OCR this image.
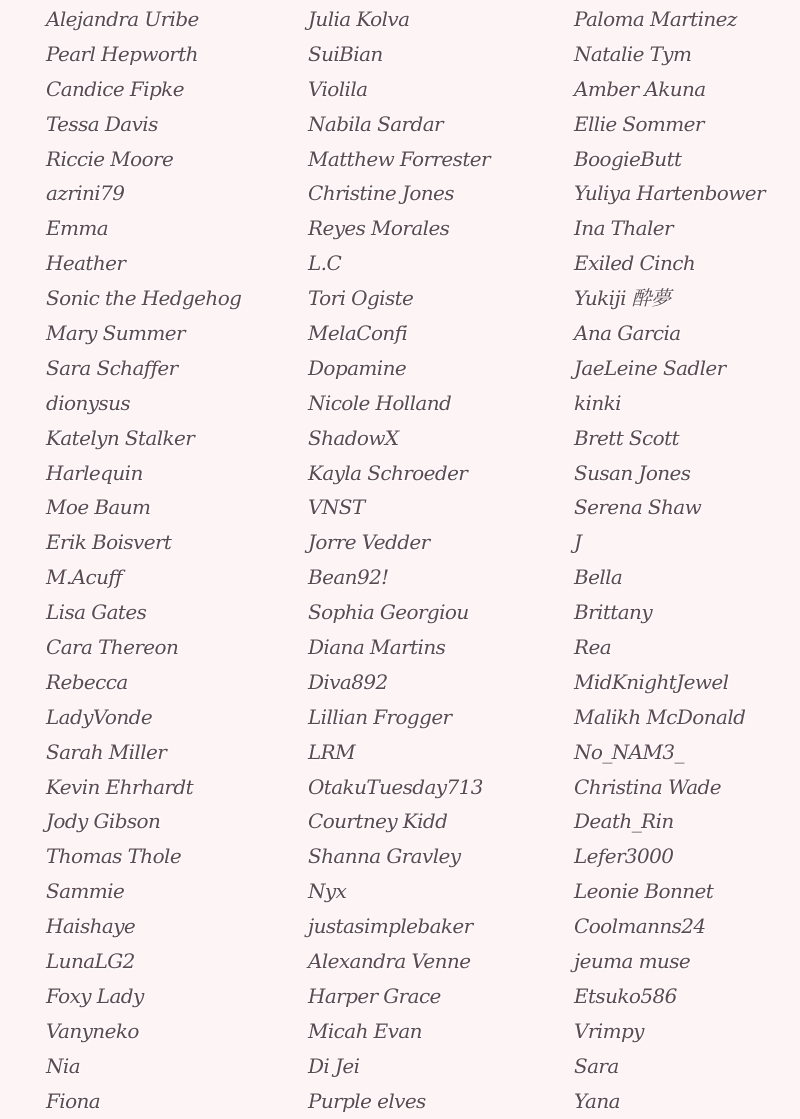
Alejandra Uribe
Pearl Hepworth
Candice Fipke
Tessa Davis
Riccie Moore
azrini79
Emma
Heather
Sonic the Hedgehog
Mary Summer
Sara Schaffer
dionysus
Katelyn Stalker
Harlequin
Moe Baum
Erik Boisvert
M.Acuff
Lisa Gates
Cara Thereon
Rebecca
LadyVonde
Sarah Miller
Kevin Ehrhardt
Jody Gibson
Thomas Thole
Sammie
Haishaye
LunaLG2
Foxy Lady
Vanyneko
Nia
Fiona
Julia Kolva
SuiBian
Violila
Nabila Sardar
Matthew Forrester
Christine Jones
Reyes Morales
L.C
Tori Ogiste
MelaConfi
Dopamine
Nicole Holland
ShadowX
Kayla Schroeder
VNST
Jorre Vedder
Bean92!
Sophia Georgiou
Diana Martins
Diva892
Lillian Frogger
LRM
OtakuTuesday713
Courtney Kidd
Shanna Gravley
Nyx
justasimplebaker
Alexandra Venne
Harper Grace
Micah Evan
Di Jei
Purple elves
Paloma Martinez
Natalie Tym
Amber Akuna
Ellie Sommer
BoogieButt
Yuliya Hartenbower
Ina Thaler
Exiled Cinch
Yukiji 酔夢
Ana Garcia
JaeLeine Sadler
kinki
Brett Scott
Susan Jones
Serena Shaw
J
Bella
Brittany
Rea
MidKnightJewel
Malikh McDonald
No_NAM3_
Christina Wade
Death_Rin
Lefer3000
Leonie Bonnet
Coolmanns24
jeuma muse
Etsuko586
Vrimpy
Sara
Yana
